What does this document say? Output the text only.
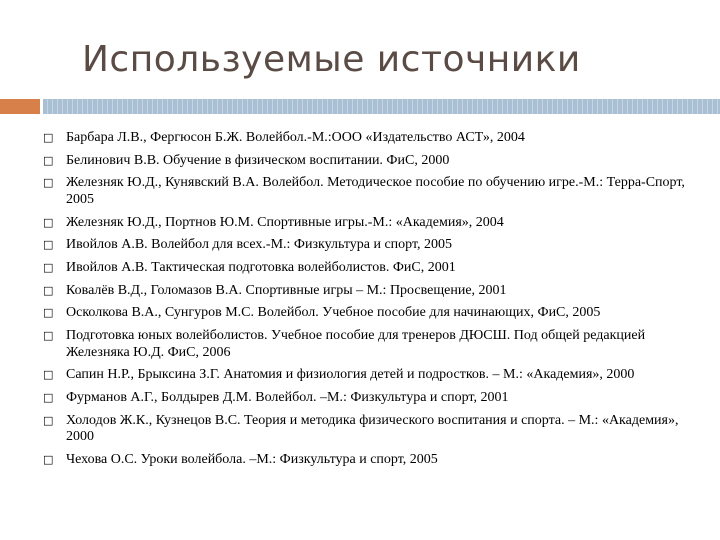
Используемые источники
□ Барбара Л.В., Фергюсон Б.Ж. Волейбол.-М.:ООО «Издательство АСТ», 2004
□ Белинович В.В. Обучение в физическом воспитании. ФиС, 2000
□ Железняк Ю.Д., Кунявский В.А. Волейбол. Методическое пособие по обучению игре.-М.: Терра-Спорт, 2005
□ Железняк Ю.Д., Портнов Ю.М. Спортивные игры.-М.: «Академия», 2004
□ Ивойлов А.В. Волейбол для всех.-М.: Физкультура и спорт, 2005
□ Ивойлов А.В. Тактическая подготовка волейболистов. ФиС, 2001
□ Ковалёв В.Д., Голомазов В.А. Спортивные игры – М.: Просвещение, 2001
□ Осколкова В.А., Сунгуров М.С. Волейбол. Учебное пособие для начинающих, ФиС, 2005
□ Подготовка юных волейболистов. Учебное пособие для тренеров ДЮСШ. Под общей редакцией Железняка Ю.Д. ФиС, 2006
□ Сапин Н.Р., Брыксина З.Г. Анатомия и физиология детей и подростков. – М.: «Академия», 2000
□ Фурманов А.Г., Болдырев Д.М. Волейбол. –М.: Физкультура и спорт, 2001
□ Холодов Ж.К., Кузнецов В.С. Теория и методика физического воспитания и спорта. – М.: «Академия», 2000
□ Чехова О.С. Уроки волейбола. –М.: Физкультура и спорт, 2005
